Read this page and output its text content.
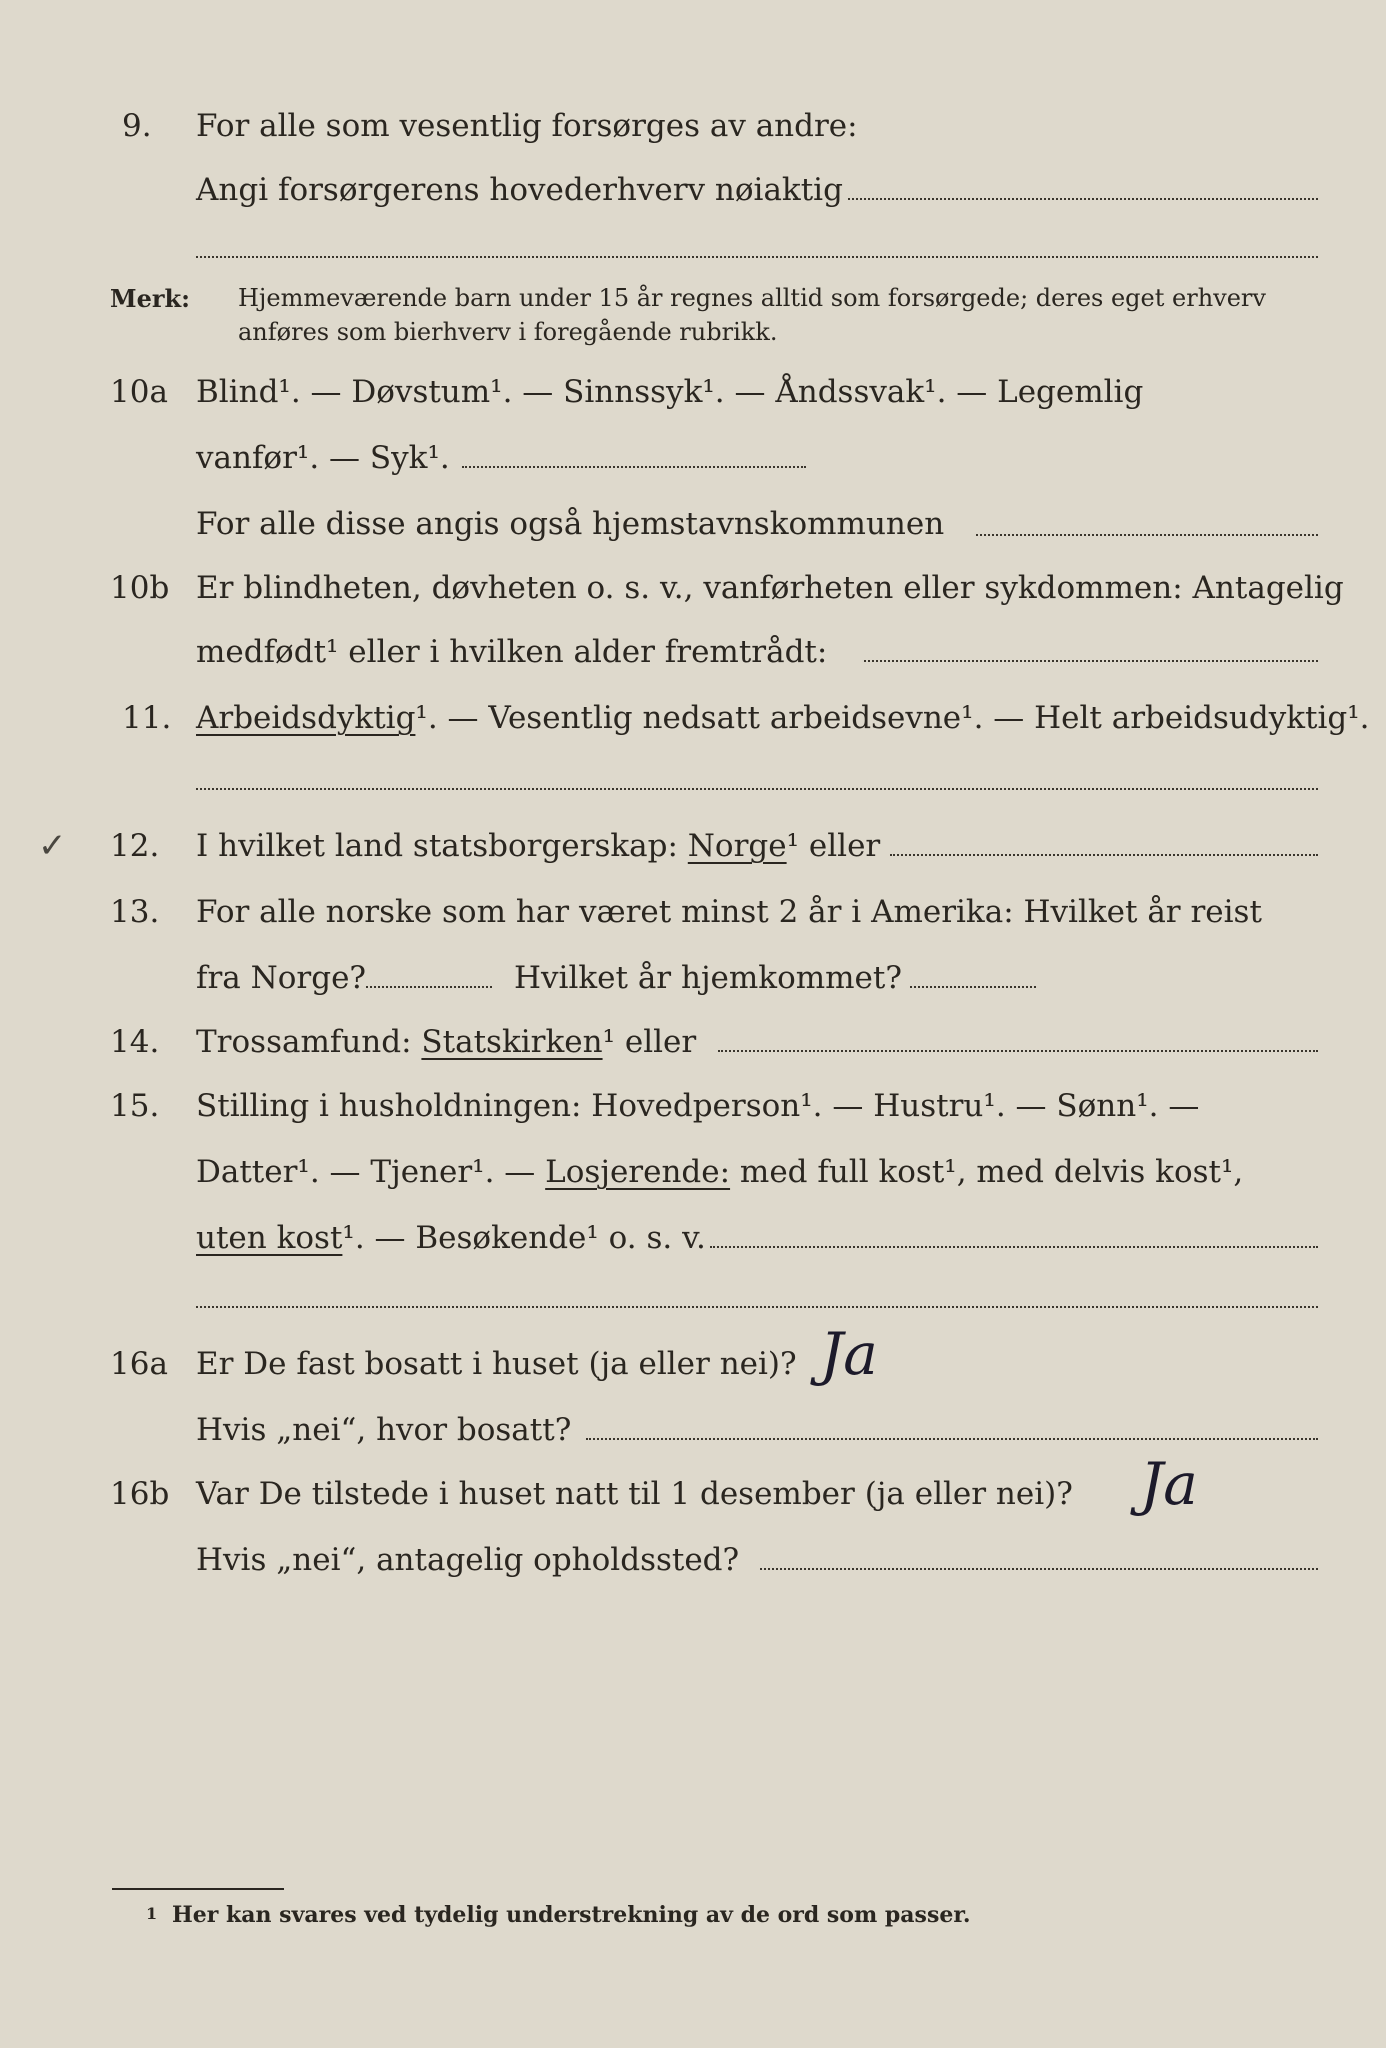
9. For alle som vesentlig forsørges av andre:
Angi forsørgerens hovederhverv nøiaktig
Merk: Hjemmeværende barn under 15 år regnes alltid som forsørgede; deres eget erhverv
anføres som bierhverv i foregående rubrikk.
10a Blind¹. — Døvstum¹. — Sinnssyk¹. — Åndssvak¹. — Legemlig
vanfør¹. — Syk¹.
For alle disse angis også hjemstavnskommunen
10b Er blindheten, døvheten o. s. v., vanførheten eller sykdommen: Antagelig
medfødt¹ eller i hvilken alder fremtrådt:
11. Arbeidsdyktig¹. — Vesentlig nedsatt arbeidsevne¹. — Helt arbeidsudyktig¹.
✓ 12. I hvilket land statsborgerskap: Norge¹ eller
13. For alle norske som har været minst 2 år i Amerika: Hvilket år reist
fra Norge?	Hvilket år hjemkommet?
14. Trossamfund: Statskirken¹ eller
15. Stilling i husholdningen: Hovedperson¹. — Hustru¹. — Sønn¹. —
Datter¹. — Tjener¹. — Losjerende: med full kost¹, med delvis kost¹,
uten kost¹. — Besøkende¹ o. s. v.
16a Er De fast bosatt i huset (ja eller nei)? Ja
Hvis „nei“, hvor bosatt?
16b Var De tilstede i huset natt til 1 desember (ja eller nei)? Ja
Hvis „nei“, antagelig opholdssted?
1 Her kan svares ved tydelig understrekning av de ord som passer.
